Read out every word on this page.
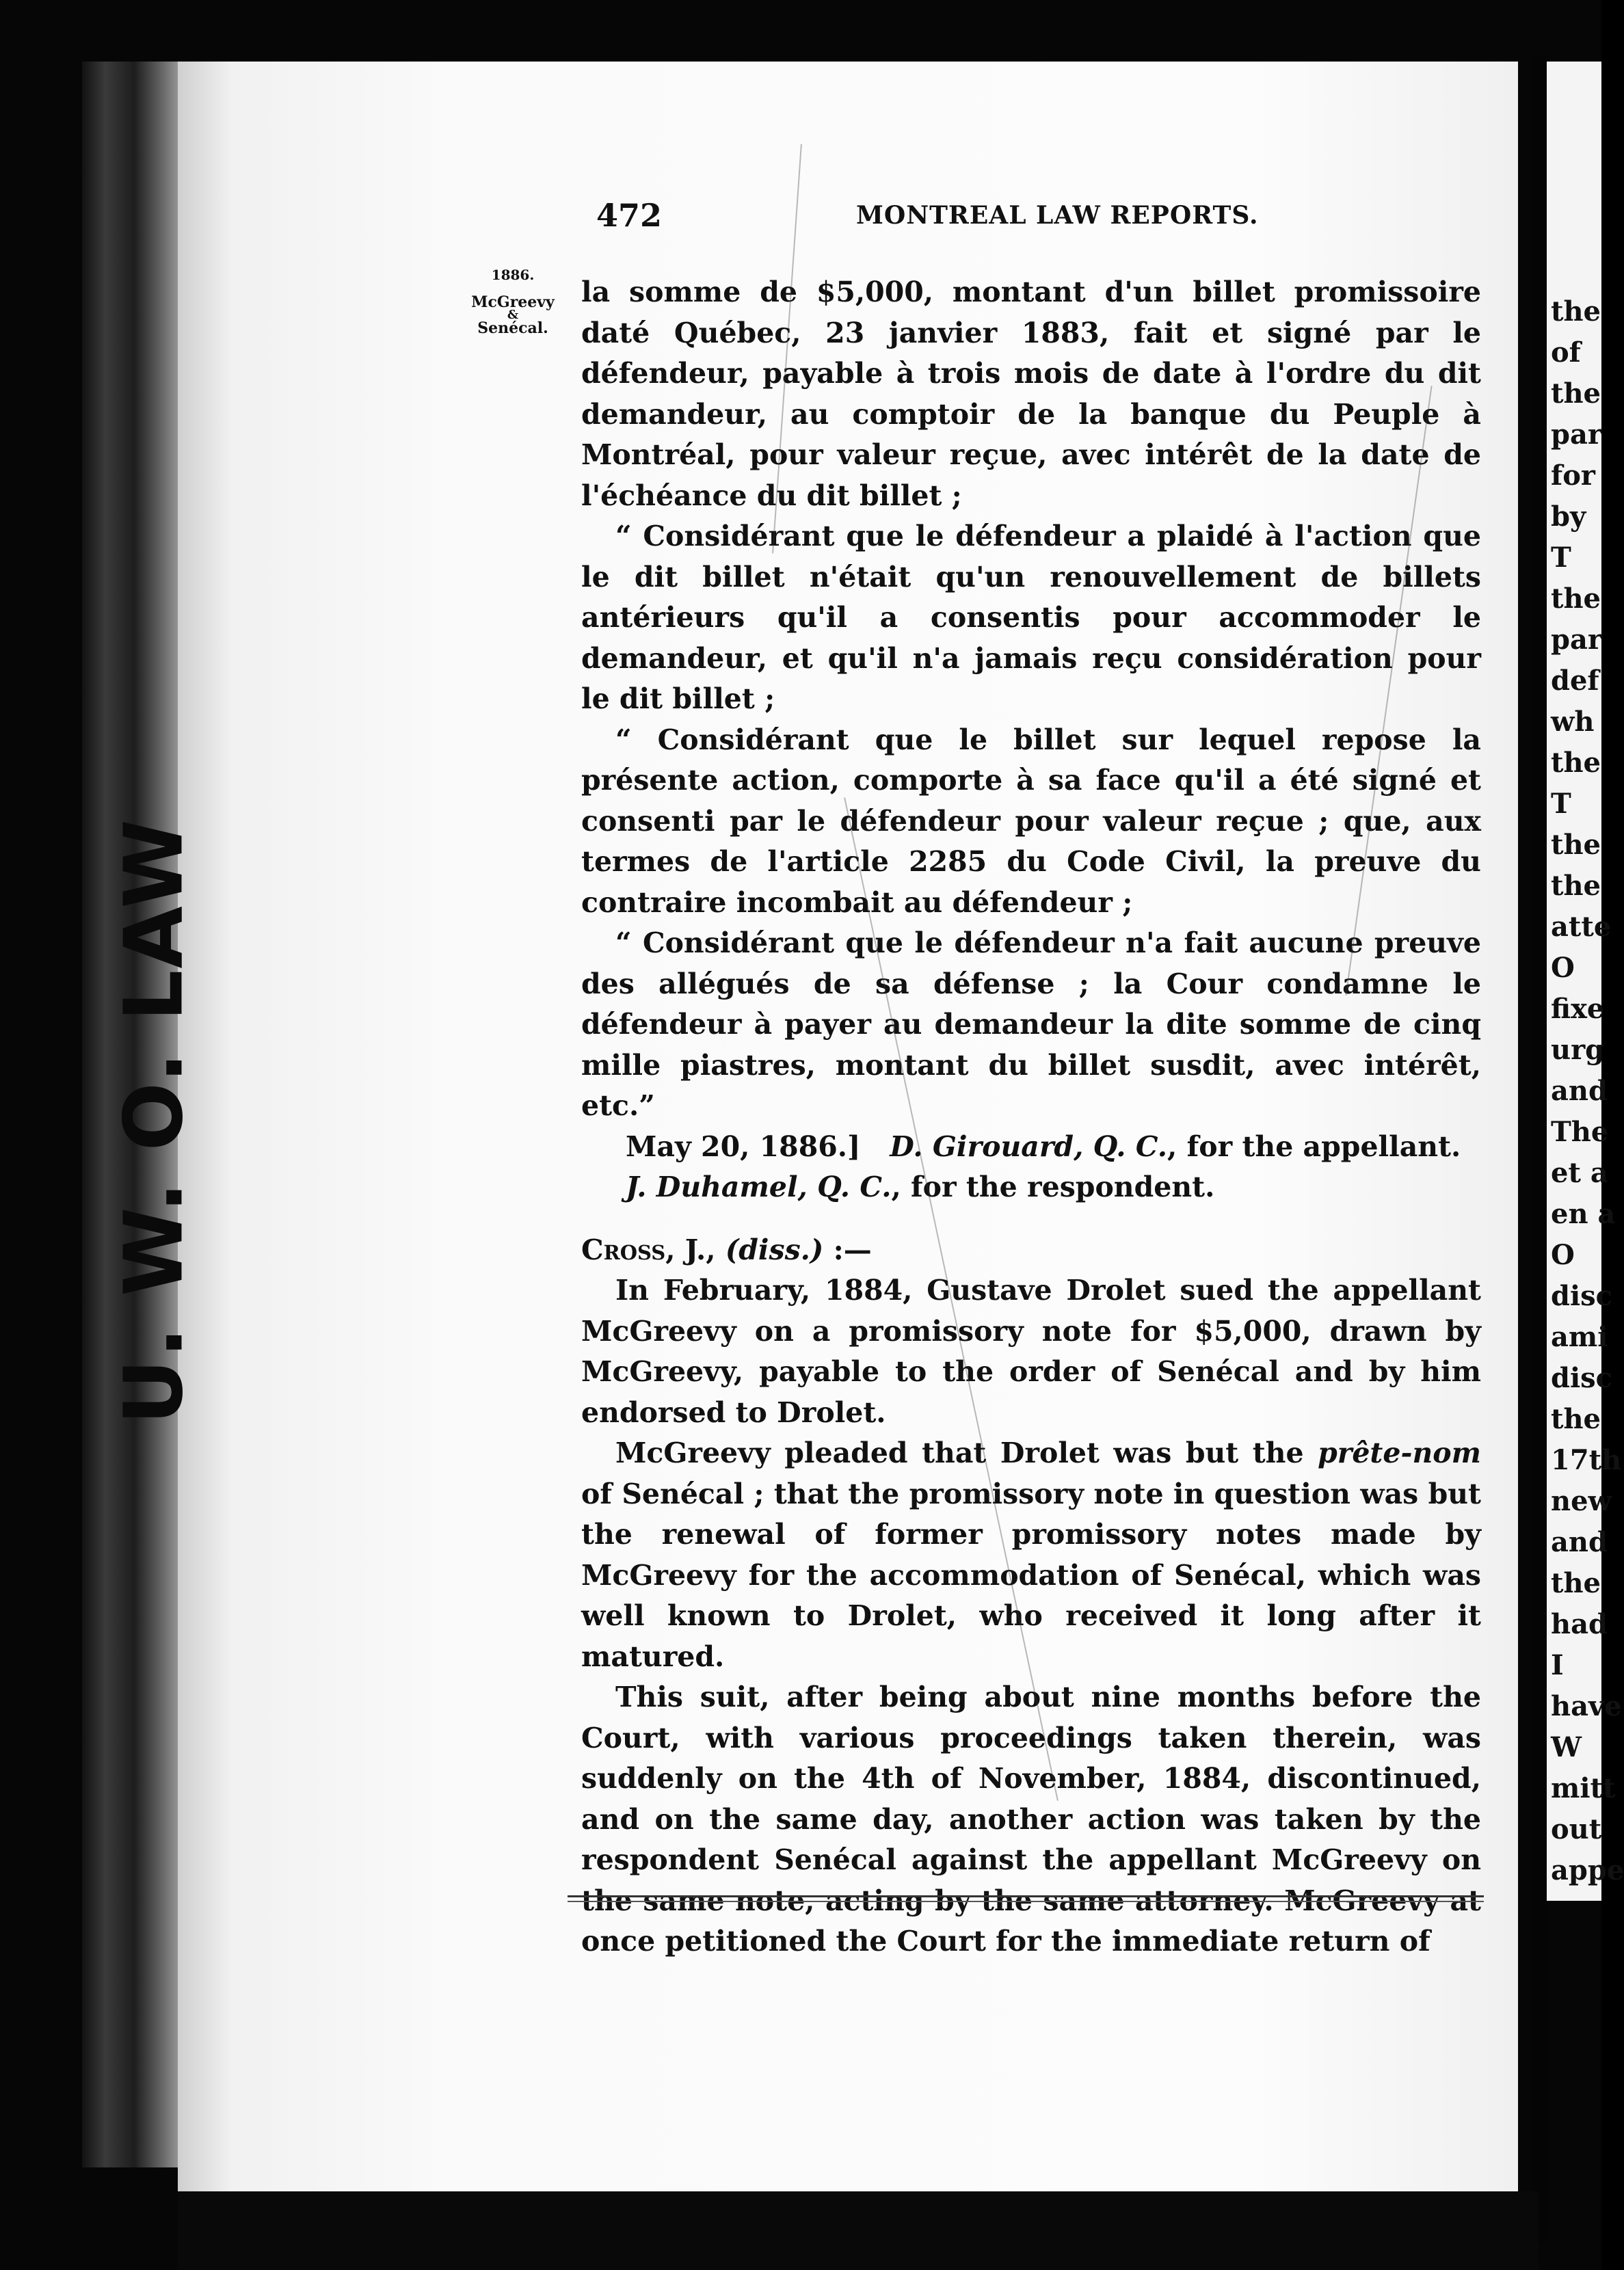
U. W. O. LAW
472	MONTREAL LAW REPORTS.
1886.
McGreevy
&
Senécal.

la somme de $5,000, montant d'un billet promissoire daté Québec, 23 janvier 1883, fait et signé par le défendeur, payable à trois mois de date à l'ordre du dit demandeur, au comptoir de la banque du Peuple à Montréal, pour valeur reçue, avec intérêt de la date de l'échéance du dit billet ;

“ Considérant que le défendeur a plaidé à l'action que le dit billet n'était qu'un renouvellement de billets antérieurs qu'il a consentis pour accommoder le demandeur, et qu'il n'a jamais reçu considération pour le dit billet ;

“ Considérant que le billet sur lequel repose la présente action, comporte à sa face qu'il a été signé et consenti par le défendeur pour valeur reçue ; que, aux termes de l'article 2285 du Code Civil, la preuve du contraire incombait au défendeur ;

“ Considérant que le défendeur n'a fait aucune preuve des allégués de sa défense ; la Cour condamne le défendeur à payer au demandeur la dite somme de cinq mille piastres, montant du billet susdit, avec intérêt, etc.”

May 20, 1886.] D. Girouard, Q. C., for the appellant.

J. Duhamel, Q. C., for the respondent.

Cross, J., (diss.) :—

In February, 1884, Gustave Drolet sued the appellant McGreevy on a promissory note for $5,000, drawn by McGreevy, payable to the order of Senécal and by him endorsed to Drolet.

McGreevy pleaded that Drolet was but the prête-nom of Senécal ; that the promissory note in question was but the renewal of former promissory notes made by McGreevy for the accommodation of Senécal, which was well known to Drolet, who received it long after it matured.

This suit, after being about nine months before the Court, with various proceedings taken therein, was suddenly on the 4th of November, 1884, discontinued, and on the same day, another action was taken by the respondent Senécal against the appellant McGreevy on the same note, acting by the same attorney. McGreevy at once petitioned the Court for the immediate return of

the
of
the
par
for
by
T
the
par
def
wh
the
T
the
the
atte
O
fixe
urg
and
The
et a
en a
O
disc
ami
disc
the
17th
new
and
the
had
I
have
W
mitt
out
appe
